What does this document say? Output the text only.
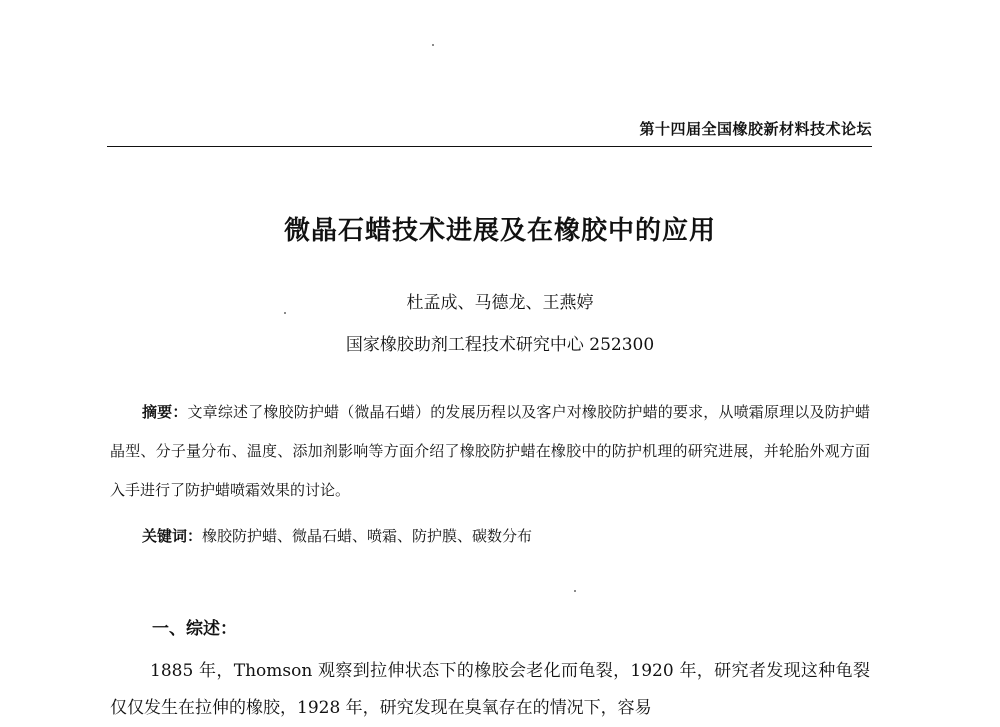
第十四届全国橡胶新材料技术论坛
微晶石蜡技术进展及在橡胶中的应用
杜孟成、马德龙、王燕婷
国家橡胶助剂工程技术研究中心 252300
摘要：文章综述了橡胶防护蜡（微晶石蜡）的发展历程以及客户对橡胶防护蜡的要求，从喷霜原理以及防护蜡晶型、分子量分布、温度、添加剂影响等方面介绍了橡胶防护蜡在橡胶中的防护机理的研究进展，并轮胎外观方面入手进行了防护蜡喷霜效果的讨论。
关键词：橡胶防护蜡、微晶石蜡、喷霜、防护膜、碳数分布
一、综述：
1885 年，Thomson 观察到拉伸状态下的橡胶会老化而龟裂，1920 年，研究者发现这种龟裂仅仅发生在拉伸的橡胶，1928 年，研究发现在臭氧存在的情况下，容易
